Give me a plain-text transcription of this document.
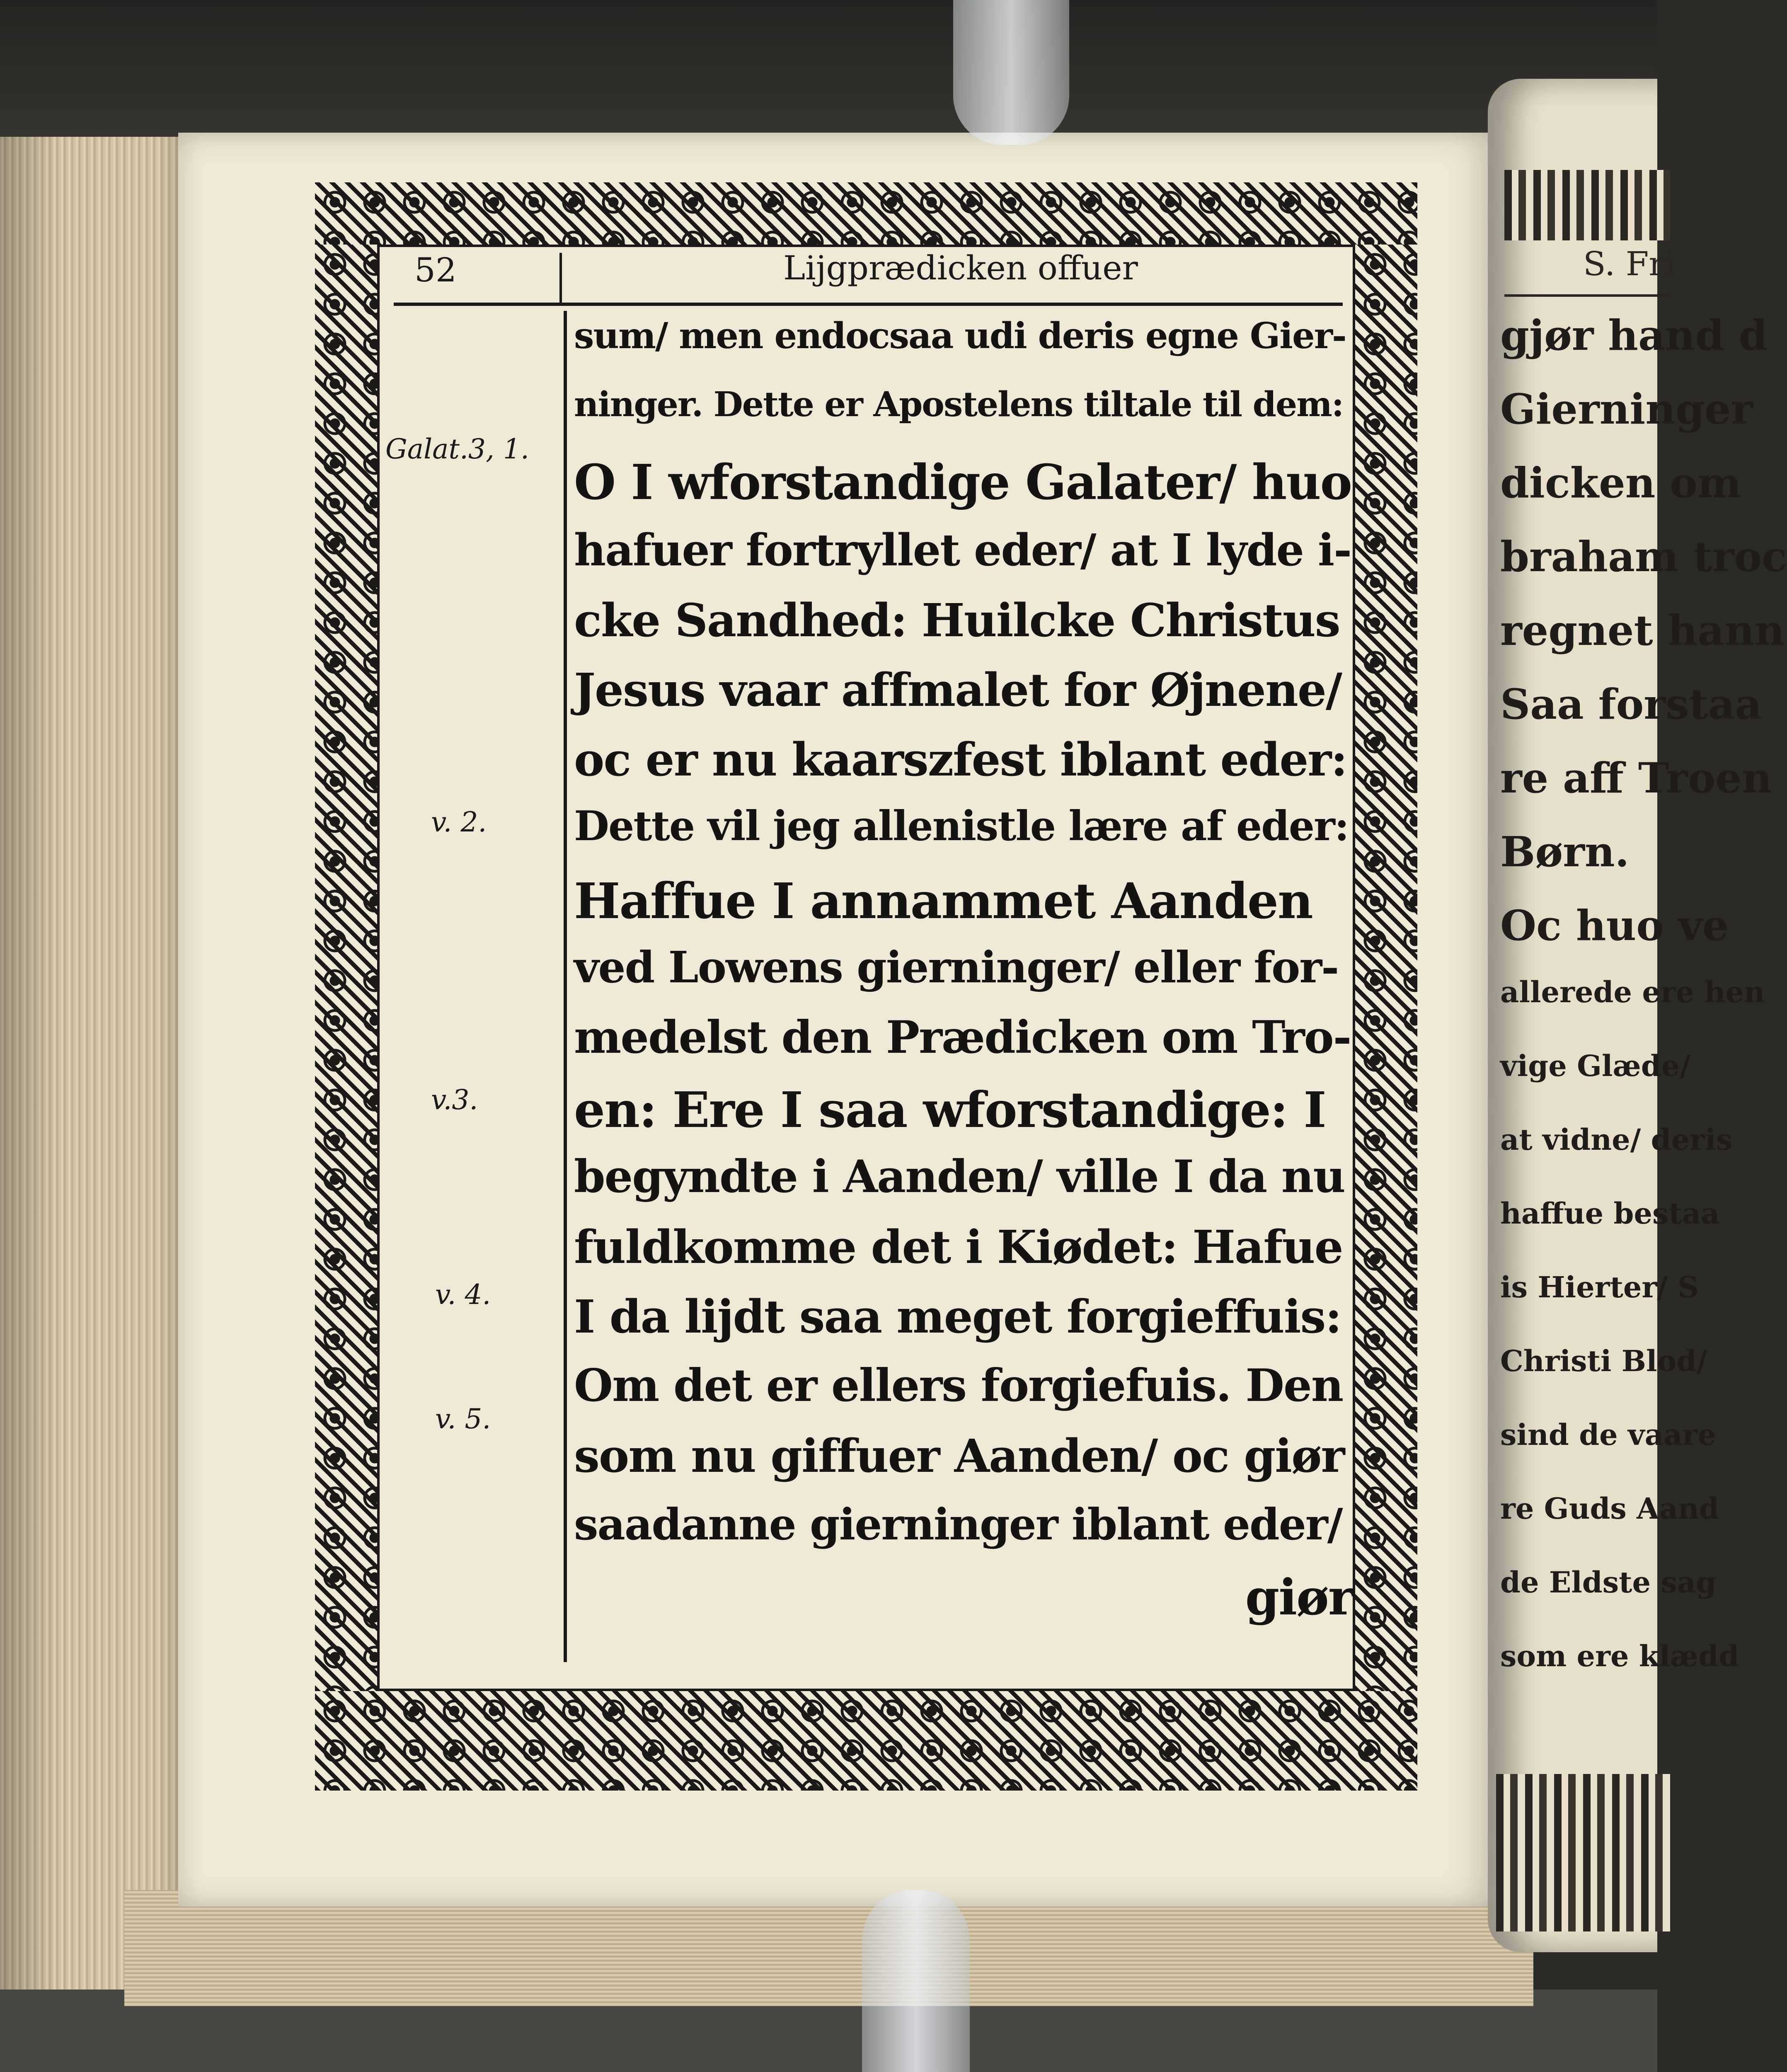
S. Fri
gjør hand d
Gierninger
dicken om
braham troc
regnet hann
Saa forstaa
re aff Troen
Børn.
Oc huo ve
allerede ere hen
vige Glæde/
at vidne/ deris
haffue bestaa
is Hierter/ S
Christi Blod/
sind de vaare
re Guds Aand
de Eldste sag
som ere klædd
52	Lijgprædicken offuer
Galat.3, 1.
v. 2.
v.3.
v. 4.
v. 5.
sum/ men endocsaa udi deris egne Gier-
ninger. Dette er Apostelens tiltale til dem:
O I wforstandige Galater/ huo
hafuer fortryllet eder/ at I lyde i-
cke Sandhed: Huilcke Christus
Jesus vaar affmalet for Øjnene/
oc er nu kaarszfest iblant eder:
Dette vil jeg allenistle lære af eder:
Haffue I annammet Aanden
ved Lowens gierninger/ eller for-
medelst den Prædicken om Tro-
en: Ere I saa wforstandige: I
begyndte i Aanden/ ville I da nu
fuldkomme det i Kiødet: Hafue
I da lijdt saa meget forgieffuis:
Om det er ellers forgiefuis. Den
som nu giffuer Aanden/ oc giør
saadanne gierninger iblant eder/
giør
